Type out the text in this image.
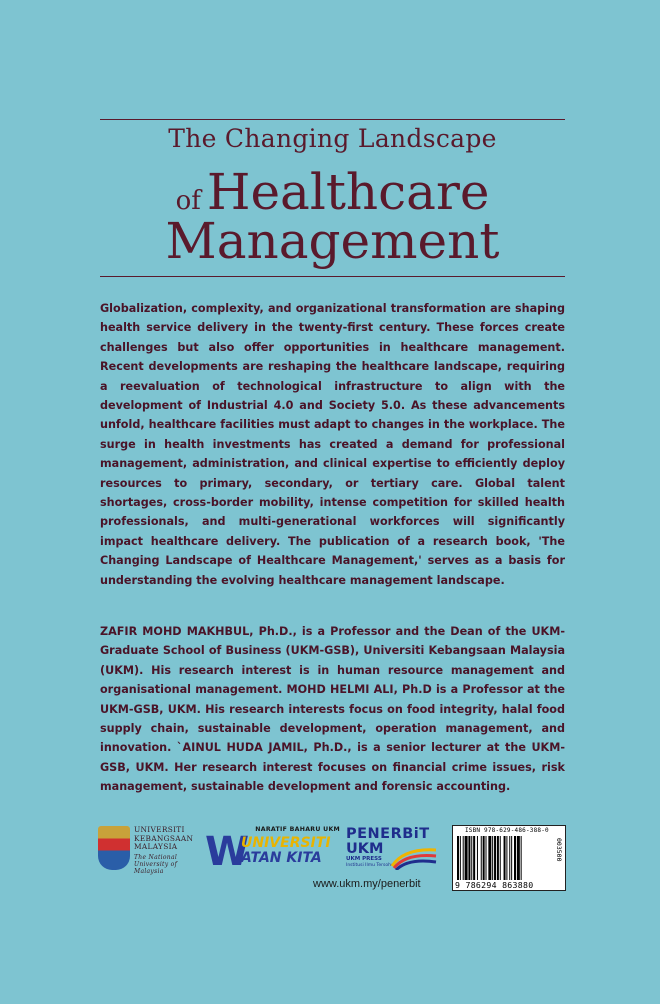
The Changing Landscape
of Healthcare
Management

Globalization, complexity, and organizational transformation are shaping health service delivery in the twenty-first century. These forces create challenges but also offer opportunities in healthcare management. Recent developments are reshaping the healthcare landscape, requiring a reevaluation of technological infrastructure to align with the development of Industrial 4.0 and Society 5.0. As these advancements unfold, healthcare facilities must adapt to changes in the workplace. The surge in health investments has created a demand for professional management, administration, and clinical expertise to efficiently deploy resources to primary, secondary, or tertiary care. Global talent shortages, cross-border mobility, intense competition for skilled health professionals, and multi-generational workforces will significantly impact healthcare delivery. The publication of a research book, 'The Changing Landscape of Healthcare Management,' serves as a basis for understanding the evolving healthcare management landscape.

ZAFIR MOHD MAKHBUL, Ph.D., is a Professor and the Dean of the UKM-Graduate School of Business (UKM-GSB), Universiti Kebangsaan Malaysia (UKM). His research interest is in human resource management and organisational management. MOHD HELMI ALI, Ph.D is a Professor at the UKM-GSB, UKM. His research interests focus on food integrity, halal food supply chain, sustainable development, operation management, and innovation. `AINUL HUDA JAMIL, Ph.D., is a senior lecturer at the UKM-GSB, UKM. Her research interest focuses on financial crime issues, risk management, sustainable development and forensic accounting.

UNIVERSITI
KEBANGSAAN
MALAYSIA
The National University of Malaysia
NARATIF BAHARU UKM
W
UNIVERSITI
ATAN KITA
PENERBiT
UKM
UKM PRESS
Institusi Ilmu Tersohor
www.ukm.my/penerbit
ISBN 978-629-486-388-0
9 786294 863880
003500
